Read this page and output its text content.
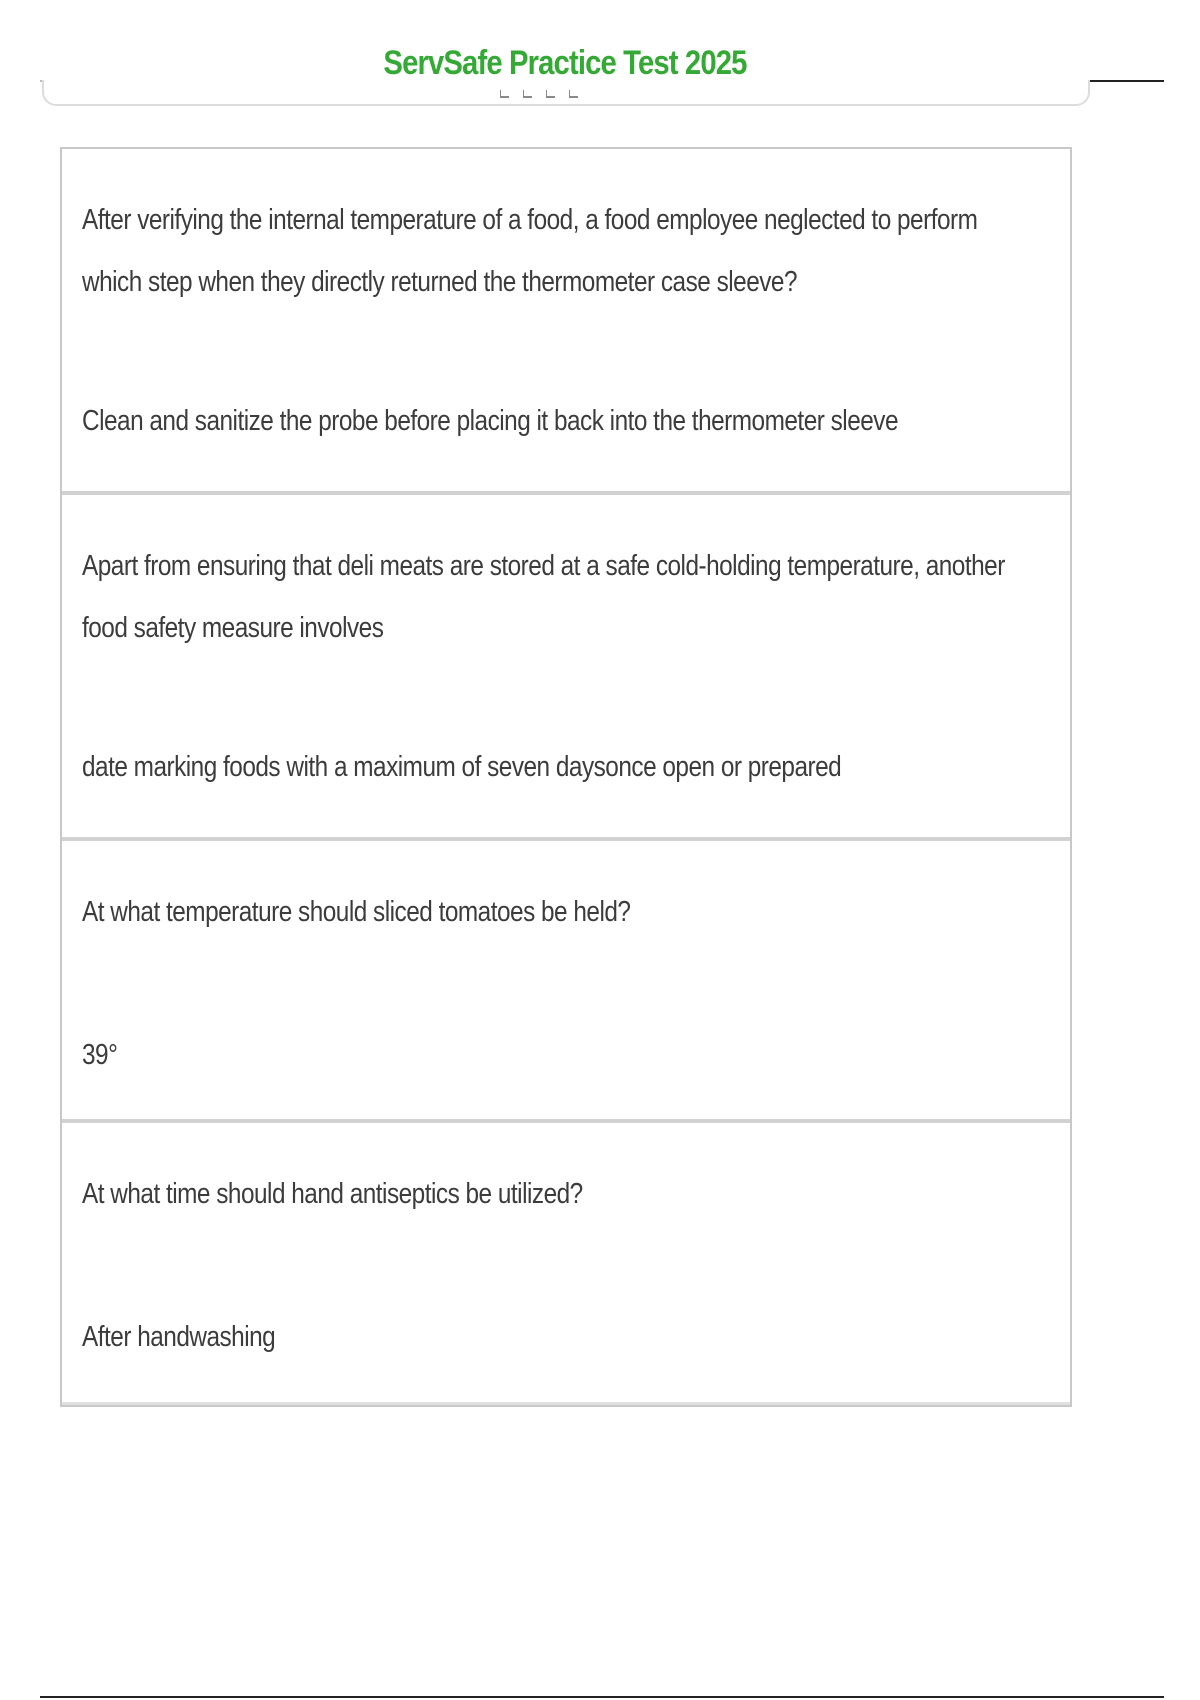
ServSafe Practice Test 2025
After verifying the internal temperature of a food, a food employee neglected to perform which step when they directly returned the thermometer case sleeve?
Clean and sanitize the probe before placing it back into the thermometer sleeve
Apart from ensuring that deli meats are stored at a safe cold-holding temperature, another food safety measure involves
date marking foods with a maximum of seven daysonce open or prepared
At what temperature should sliced tomatoes be held?
39°
At what time should hand antiseptics be utilized?
After handwashing
